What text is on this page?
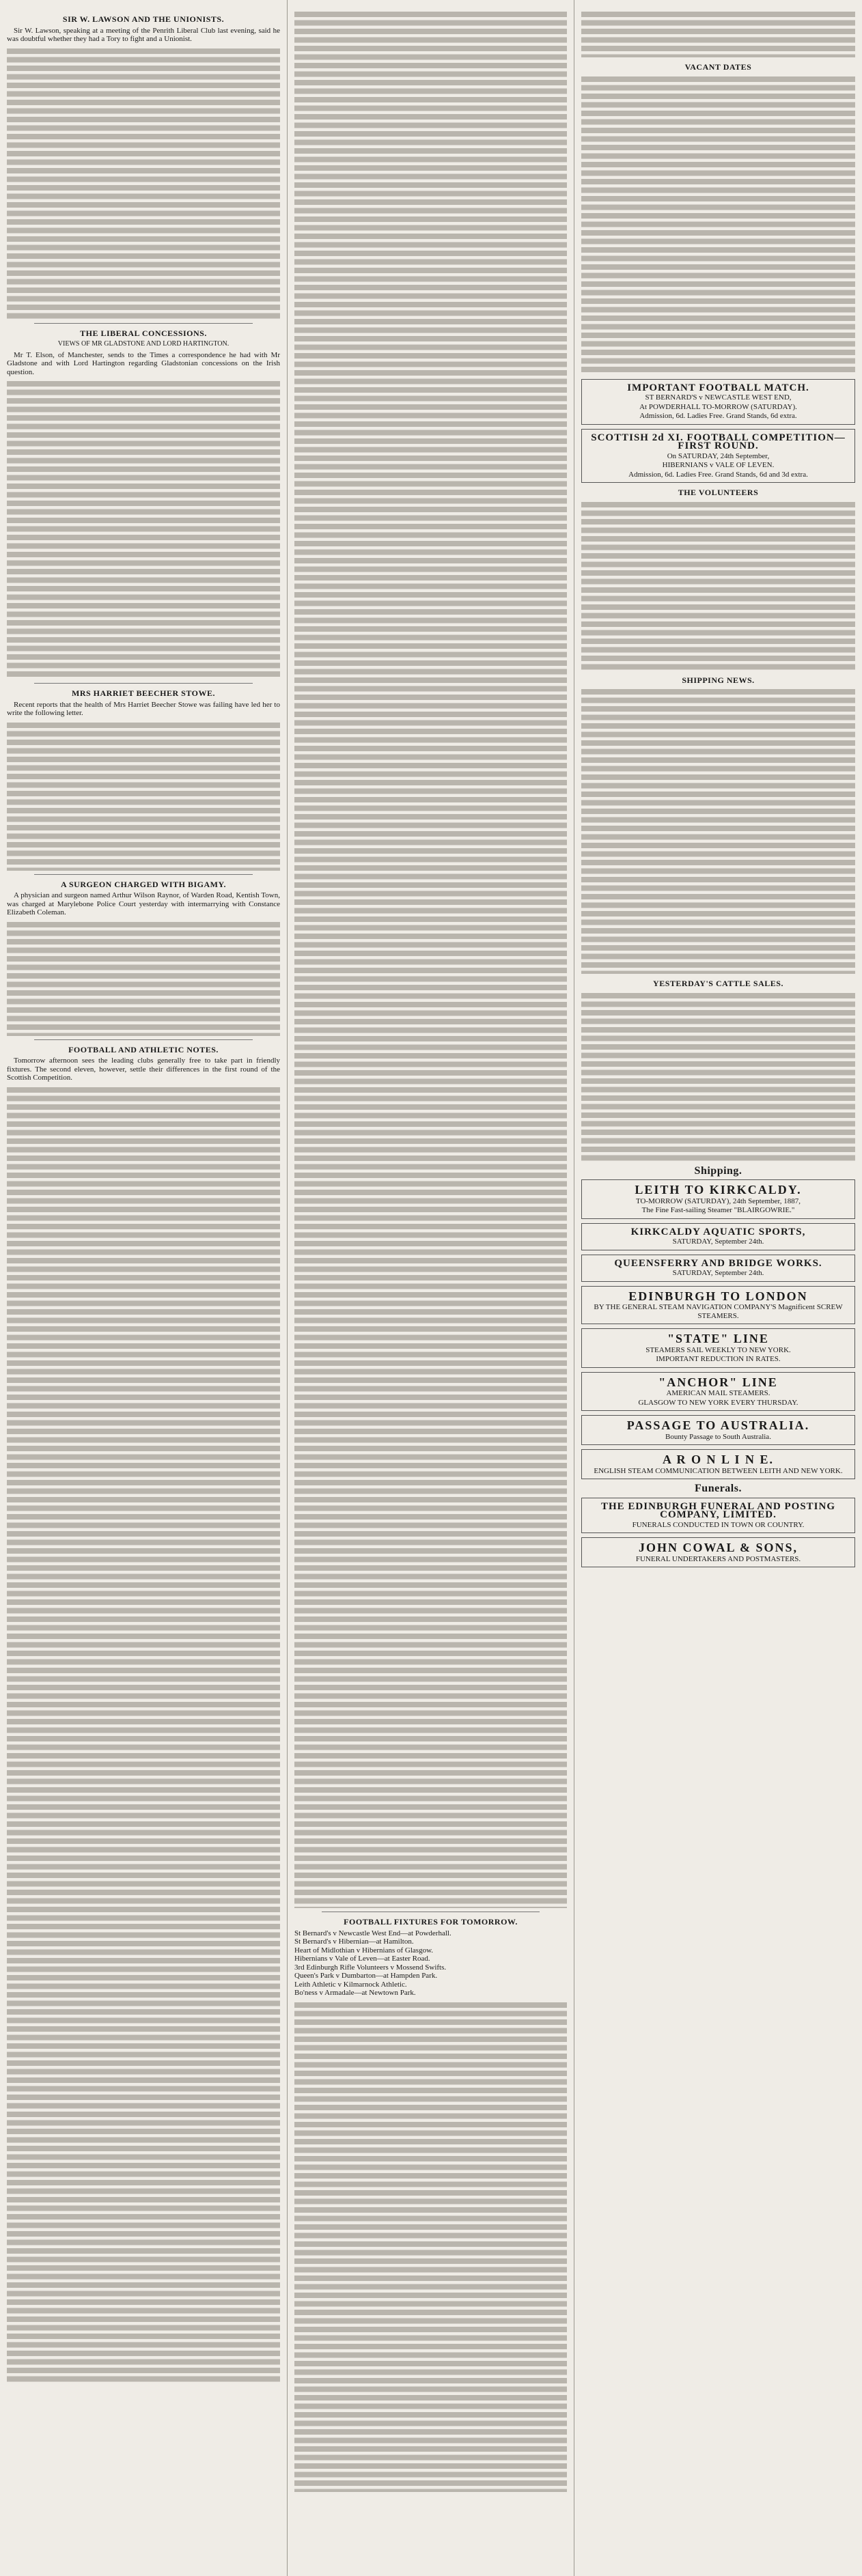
SIR W. LAWSON AND THE UNIONISTS.

Sir W. Lawson, speaking at a meeting of the Penrith Liberal Club last evening, said he was doubtful whether they had a Tory to fight and a Unionist.

THE LIBERAL CONCESSIONS.
VIEWS OF MR GLADSTONE AND LORD HARTINGTON.

Mr T. Elson, of Manchester, sends to the Times a correspondence he had with Mr Gladstone and with Lord Hartington regarding Gladstonian concessions on the Irish question.

MRS HARRIET BEECHER STOWE.

Recent reports that the health of Mrs Harriet Beecher Stowe was failing have led her to write the following letter.

A SURGEON CHARGED WITH BIGAMY.

A physician and surgeon named Arthur Wilson Raynor, of Warden Road, Kentish Town, was charged at Marylebone Police Court yesterday with intermarrying with Constance Elizabeth Coleman.

FOOTBALL AND ATHLETIC NOTES.

Tomorrow afternoon sees the leading clubs generally free to take part in friendly fixtures. The second eleven, however, settle their differences in the first round of the Scottish Competition.

FOOTBALL FIXTURES FOR TOMORROW.

St Bernard's v Newcastle West End—at Powderhall.

St Bernard's v Hibernian—at Hamilton.

Heart of Midlothian v Hibernians of Glasgow.

Hibernians v Vale of Leven—at Easter Road.

3rd Edinburgh Rifle Volunteers v Mossend Swifts.

Queen's Park v Dumbarton—at Hampden Park.

Leith Athletic v Kilmarnock Athletic.

Bo'ness v Armadale—at Newtown Park.

VACANT DATES
IMPORTANT FOOTBALL MATCH.
ST BERNARD'S v NEWCASTLE WEST END,
At POWDERHALL TO-MORROW (SATURDAY).
Admission, 6d. Ladies Free. Grand Stands, 6d extra.
SCOTTISH 2d XI. FOOTBALL COMPETITION—FIRST ROUND.
On SATURDAY, 24th September,
HIBERNIANS v VALE OF LEVEN.
Admission, 6d. Ladies Free. Grand Stands, 6d and 3d extra.
THE VOLUNTEERS
SHIPPING NEWS.
YESTERDAY'S CATTLE SALES.
Shipping.
LEITH TO KIRKCALDY.
TO-MORROW (SATURDAY), 24th September, 1887,
The Fine Fast-sailing Steamer "BLAIRGOWRIE."
KIRKCALDY AQUATIC SPORTS,
SATURDAY, September 24th.
QUEENSFERRY AND BRIDGE WORKS.
SATURDAY, September 24th.
EDINBURGH TO LONDON
BY THE GENERAL STEAM NAVIGATION COMPANY'S Magnificent SCREW STEAMERS.
"STATE" LINE
STEAMERS SAIL WEEKLY TO NEW YORK.
IMPORTANT REDUCTION IN RATES.
"ANCHOR" LINE
AMERICAN MAIL STEAMERS.
GLASGOW TO NEW YORK EVERY THURSDAY.
PASSAGE TO AUSTRALIA.
Bounty Passage to South Australia.
A R O N L I N E.
ENGLISH STEAM COMMUNICATION BETWEEN LEITH AND NEW YORK.
Funerals.
THE EDINBURGH FUNERAL AND POSTING COMPANY, LIMITED.
FUNERALS CONDUCTED IN TOWN OR COUNTRY.
JOHN COWAL & SONS,
FUNERAL UNDERTAKERS AND POSTMASTERS.
